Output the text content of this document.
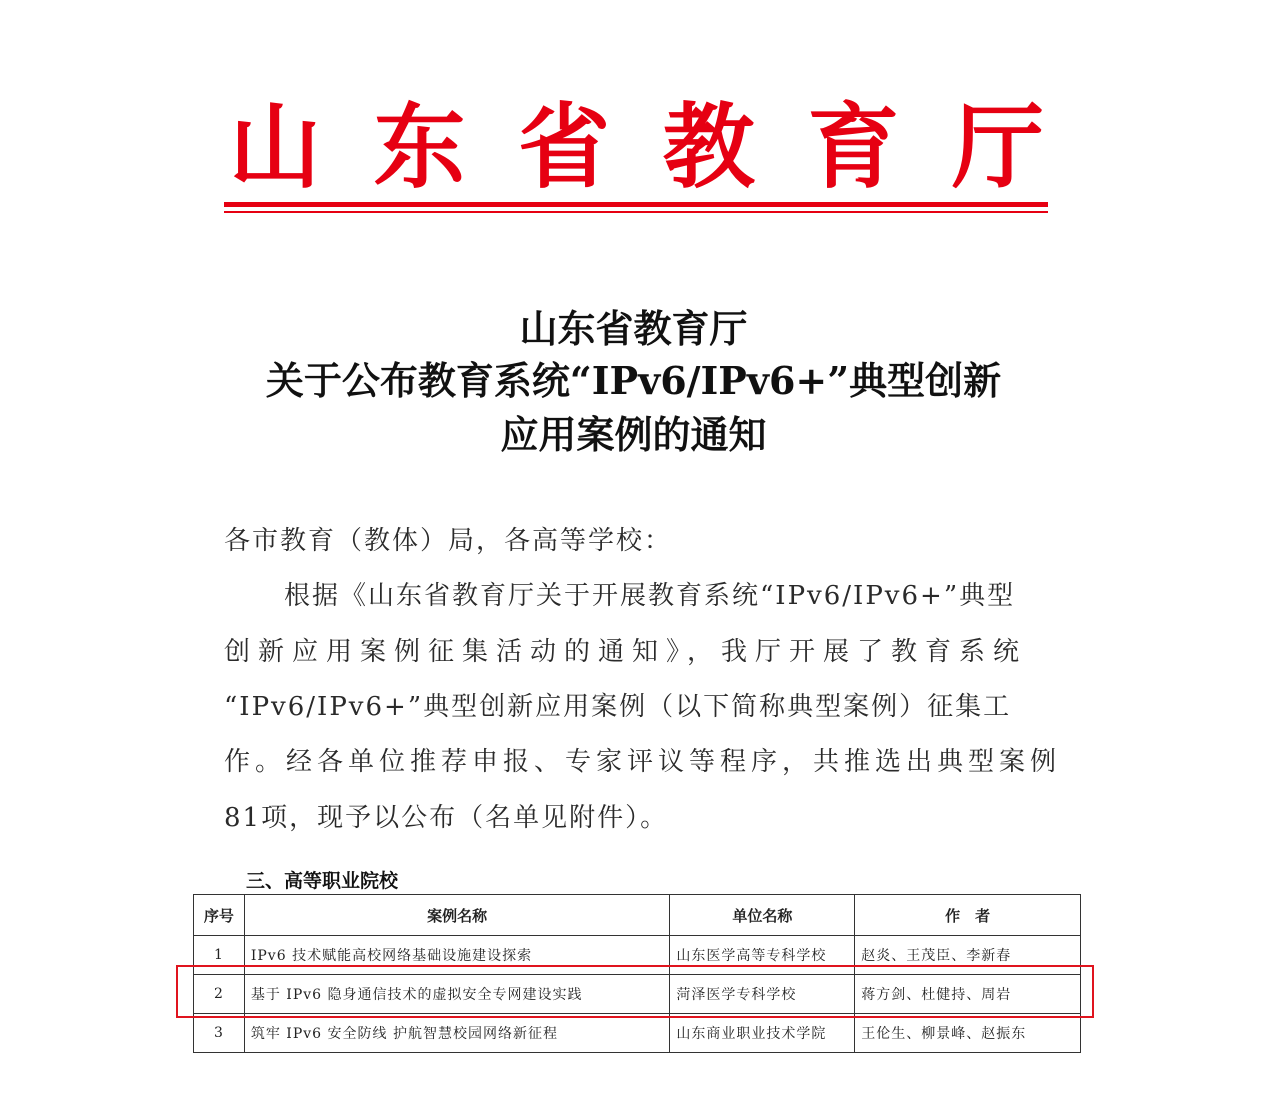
山 东 省 教 育 厅
山东省教育厅
关于公布教育系统“IPv6/IPv6+”典型创新
应用案例的通知
各市教育（教体）局，各高等学校：
根据《山东省教育厅关于开展教育系统“IPv6/IPv6+”典型
创新应用案例征集活动的通知》，我厅开展了教育系统
“IPv6/IPv6+”典型创新应用案例（以下简称典型案例）征集工
作。经各单位推荐申报、专家评议等程序，共推选出典型案例
81项，现予以公布（名单见附件）。
三、高等职业院校
序号	案例名称	单位名称	作　者
1	IPv6 技术赋能高校网络基础设施建设探索	山东医学高等专科学校	赵炎、王茂臣、李新春
2	基于 IPv6 隐身通信技术的虚拟安全专网建设实践	菏泽医学专科学校	蒋方剑、杜健持、周岩
3	筑牢 IPv6 安全防线 护航智慧校园网络新征程	山东商业职业技术学院	王伦生、柳景峰、赵振东
